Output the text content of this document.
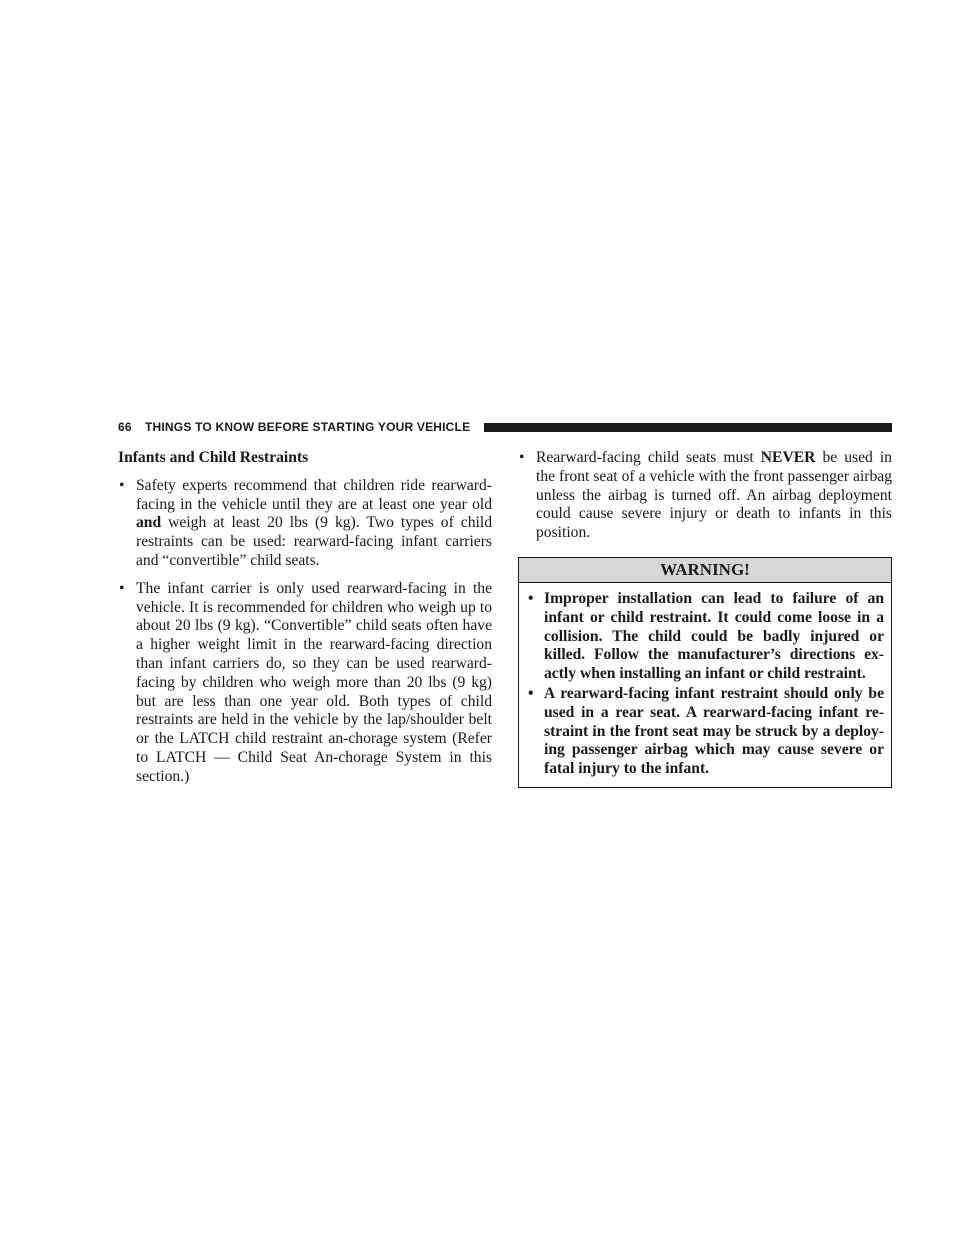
66 THINGS TO KNOW BEFORE STARTING YOUR VEHICLE
Infants and Child Restraints
• Safety experts recommend that children ride rearward-facing in the vehicle until they are at least one year old and weigh at least 20 lbs (9 kg). Two types of child restraints can be used: rearward-facing infant carriers and “convertible” child seats.
• The infant carrier is only used rearward-facing in the vehicle. It is recommended for children who weigh up to about 20 lbs (9 kg). “Convertible” child seats often have a higher weight limit in the rearward-facing direction than infant carriers do, so they can be used rearward-facing by children who weigh more than 20 lbs (9 kg) but are less than one year old. Both types of child restraints are held in the vehicle by the lap/shoulder belt or the LATCH child restraint an-chorage system (Refer to LATCH — Child Seat An-chorage System in this section.)
• Rearward-facing child seats must NEVER be used in the front seat of a vehicle with the front passenger airbag unless the airbag is turned off. An airbag deployment could cause severe injury or death to infants in this position.
WARNING!
• Improper installation can lead to failure of an infant or child restraint. It could come loose in a collision. The child could be badly injured or killed. Follow the manufacturer’s directions ex-actly when installing an infant or child restraint.
• A rearward-facing infant restraint should only be used in a rear seat. A rearward-facing infant re-straint in the front seat may be struck by a deploy-ing passenger airbag which may cause severe or fatal injury to the infant.
